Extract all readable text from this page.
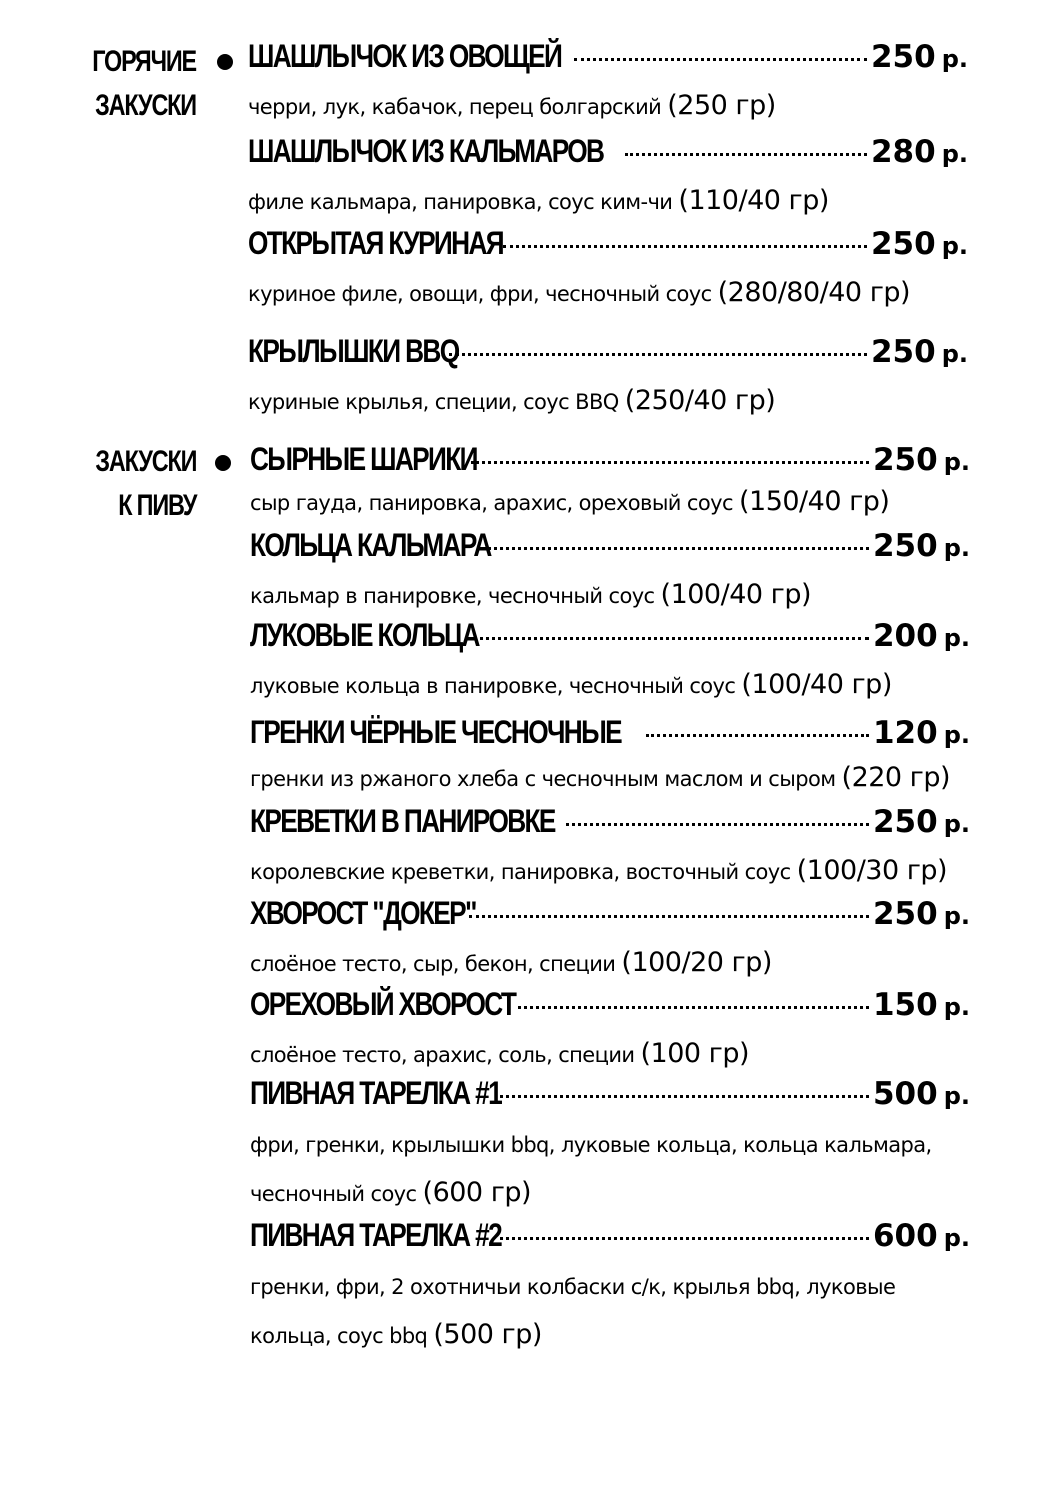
ГОРЯЧИЕ
ЗАКУСКИ
ШАШЛЫЧОК ИЗ ОВОЩЕЙ	250 р.
черри, лук, кабачок, перец болгарский (250 гр)
ШАШЛЫЧОК ИЗ КАЛЬМАРОВ	280 р.
филе кальмара, панировка, соус ким-чи (110/40 гр)
ОТКРЫТАЯ КУРИНАЯ	250 р.
куриное филе, овощи, фри, чесночный соус (280/80/40 гр)
КРЫЛЫШКИ BBQ	250 р.
куриные крылья, специи, соус BBQ (250/40 гр)
ЗАКУСКИ
К ПИВУ
СЫРНЫЕ ШАРИКИ	250 р.
сыр гауда, панировка, арахис, ореховый соус (150/40 гр)
КОЛЬЦА КАЛЬМАРА	250 р.
кальмар в панировке, чесночный соус (100/40 гр)
ЛУКОВЫЕ КОЛЬЦА	200 р.
луковые кольца в панировке, чесночный соус (100/40 гр)
ГРЕНКИ ЧЁРНЫЕ ЧЕСНОЧНЫЕ	120 р.
гренки из ржаного хлеба с чесночным маслом и сыром (220 гр)
КРЕВЕТКИ В ПАНИРОВКЕ	250 р.
королевские креветки, панировка, восточный соус (100/30 гр)
ХВОРОСТ "ДОКЕР"	250 р.
слоёное тесто, сыр, бекон, специи (100/20 гр)
ОРЕХОВЫЙ ХВОРОСТ	150 р.
слоёное тесто, арахис, соль, специи (100 гр)
ПИВНАЯ ТАРЕЛКА #1	500 р.
фри, гренки, крылышки bbq, луковые кольца, кольца кальмара,
чесночный соус (600 гр)
ПИВНАЯ ТАРЕЛКА #2	600 р.
гренки, фри, 2 охотничьи колбаски с/к, крылья bbq, луковые
кольца, соус bbq (500 гр)
